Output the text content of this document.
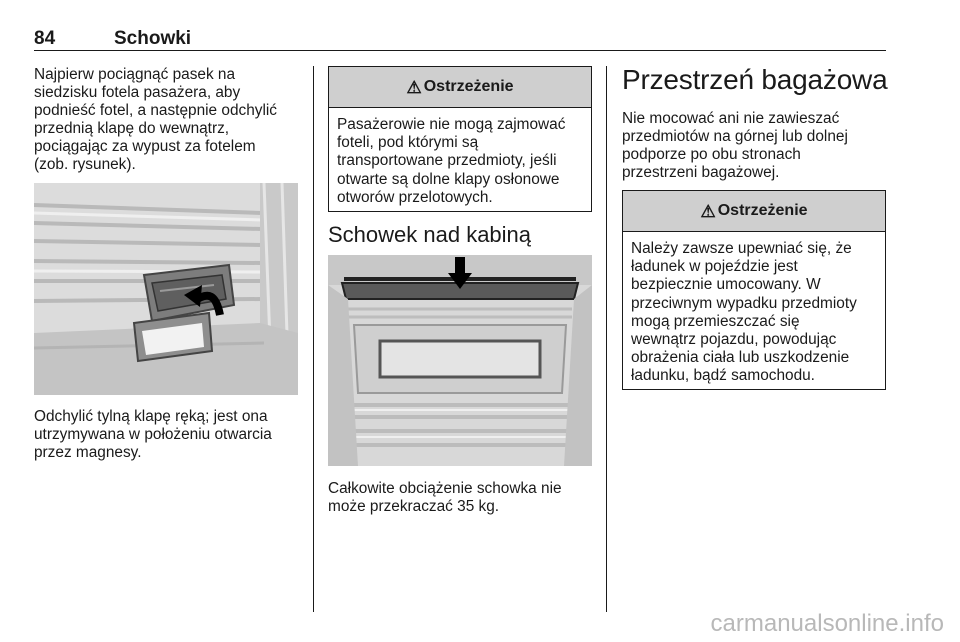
84	Schowki
Najpierw pociągnąć pasek na
siedzisku fotela pasażera, aby
podnieść fotel, a następnie odchylić
przednią klapę do wewnątrz,
pociągając za wypust za fotelem
(zob. rysunek).
Odchylić tylną klapę ręką; jest ona
utrzymywana w położeniu otwarcia
przez magnesy.
⚠ Ostrzeżenie
Pasażerowie nie mogą zajmować
foteli, pod którymi są
transportowane przedmioty, jeśli
otwarte są dolne klapy osłonowe
otworów przelotowych.
Schowek nad kabiną
Całkowite obciążenie schowka nie
może przekraczać 35 kg.
Przestrzeń bagażowa
Nie mocować ani nie zawieszać
przedmiotów na górnej lub dolnej
podporze po obu stronach
przestrzeni bagażowej.
⚠ Ostrzeżenie
Należy zawsze upewniać się, że
ładunek w pojeździe jest
bezpiecznie umocowany. W
przeciwnym wypadku przedmioty
mogą przemieszczać się
wewnątrz pojazdu, powodując
obrażenia ciała lub uszkodzenie
ładunku, bądź samochodu.
carmanualsonline.info
